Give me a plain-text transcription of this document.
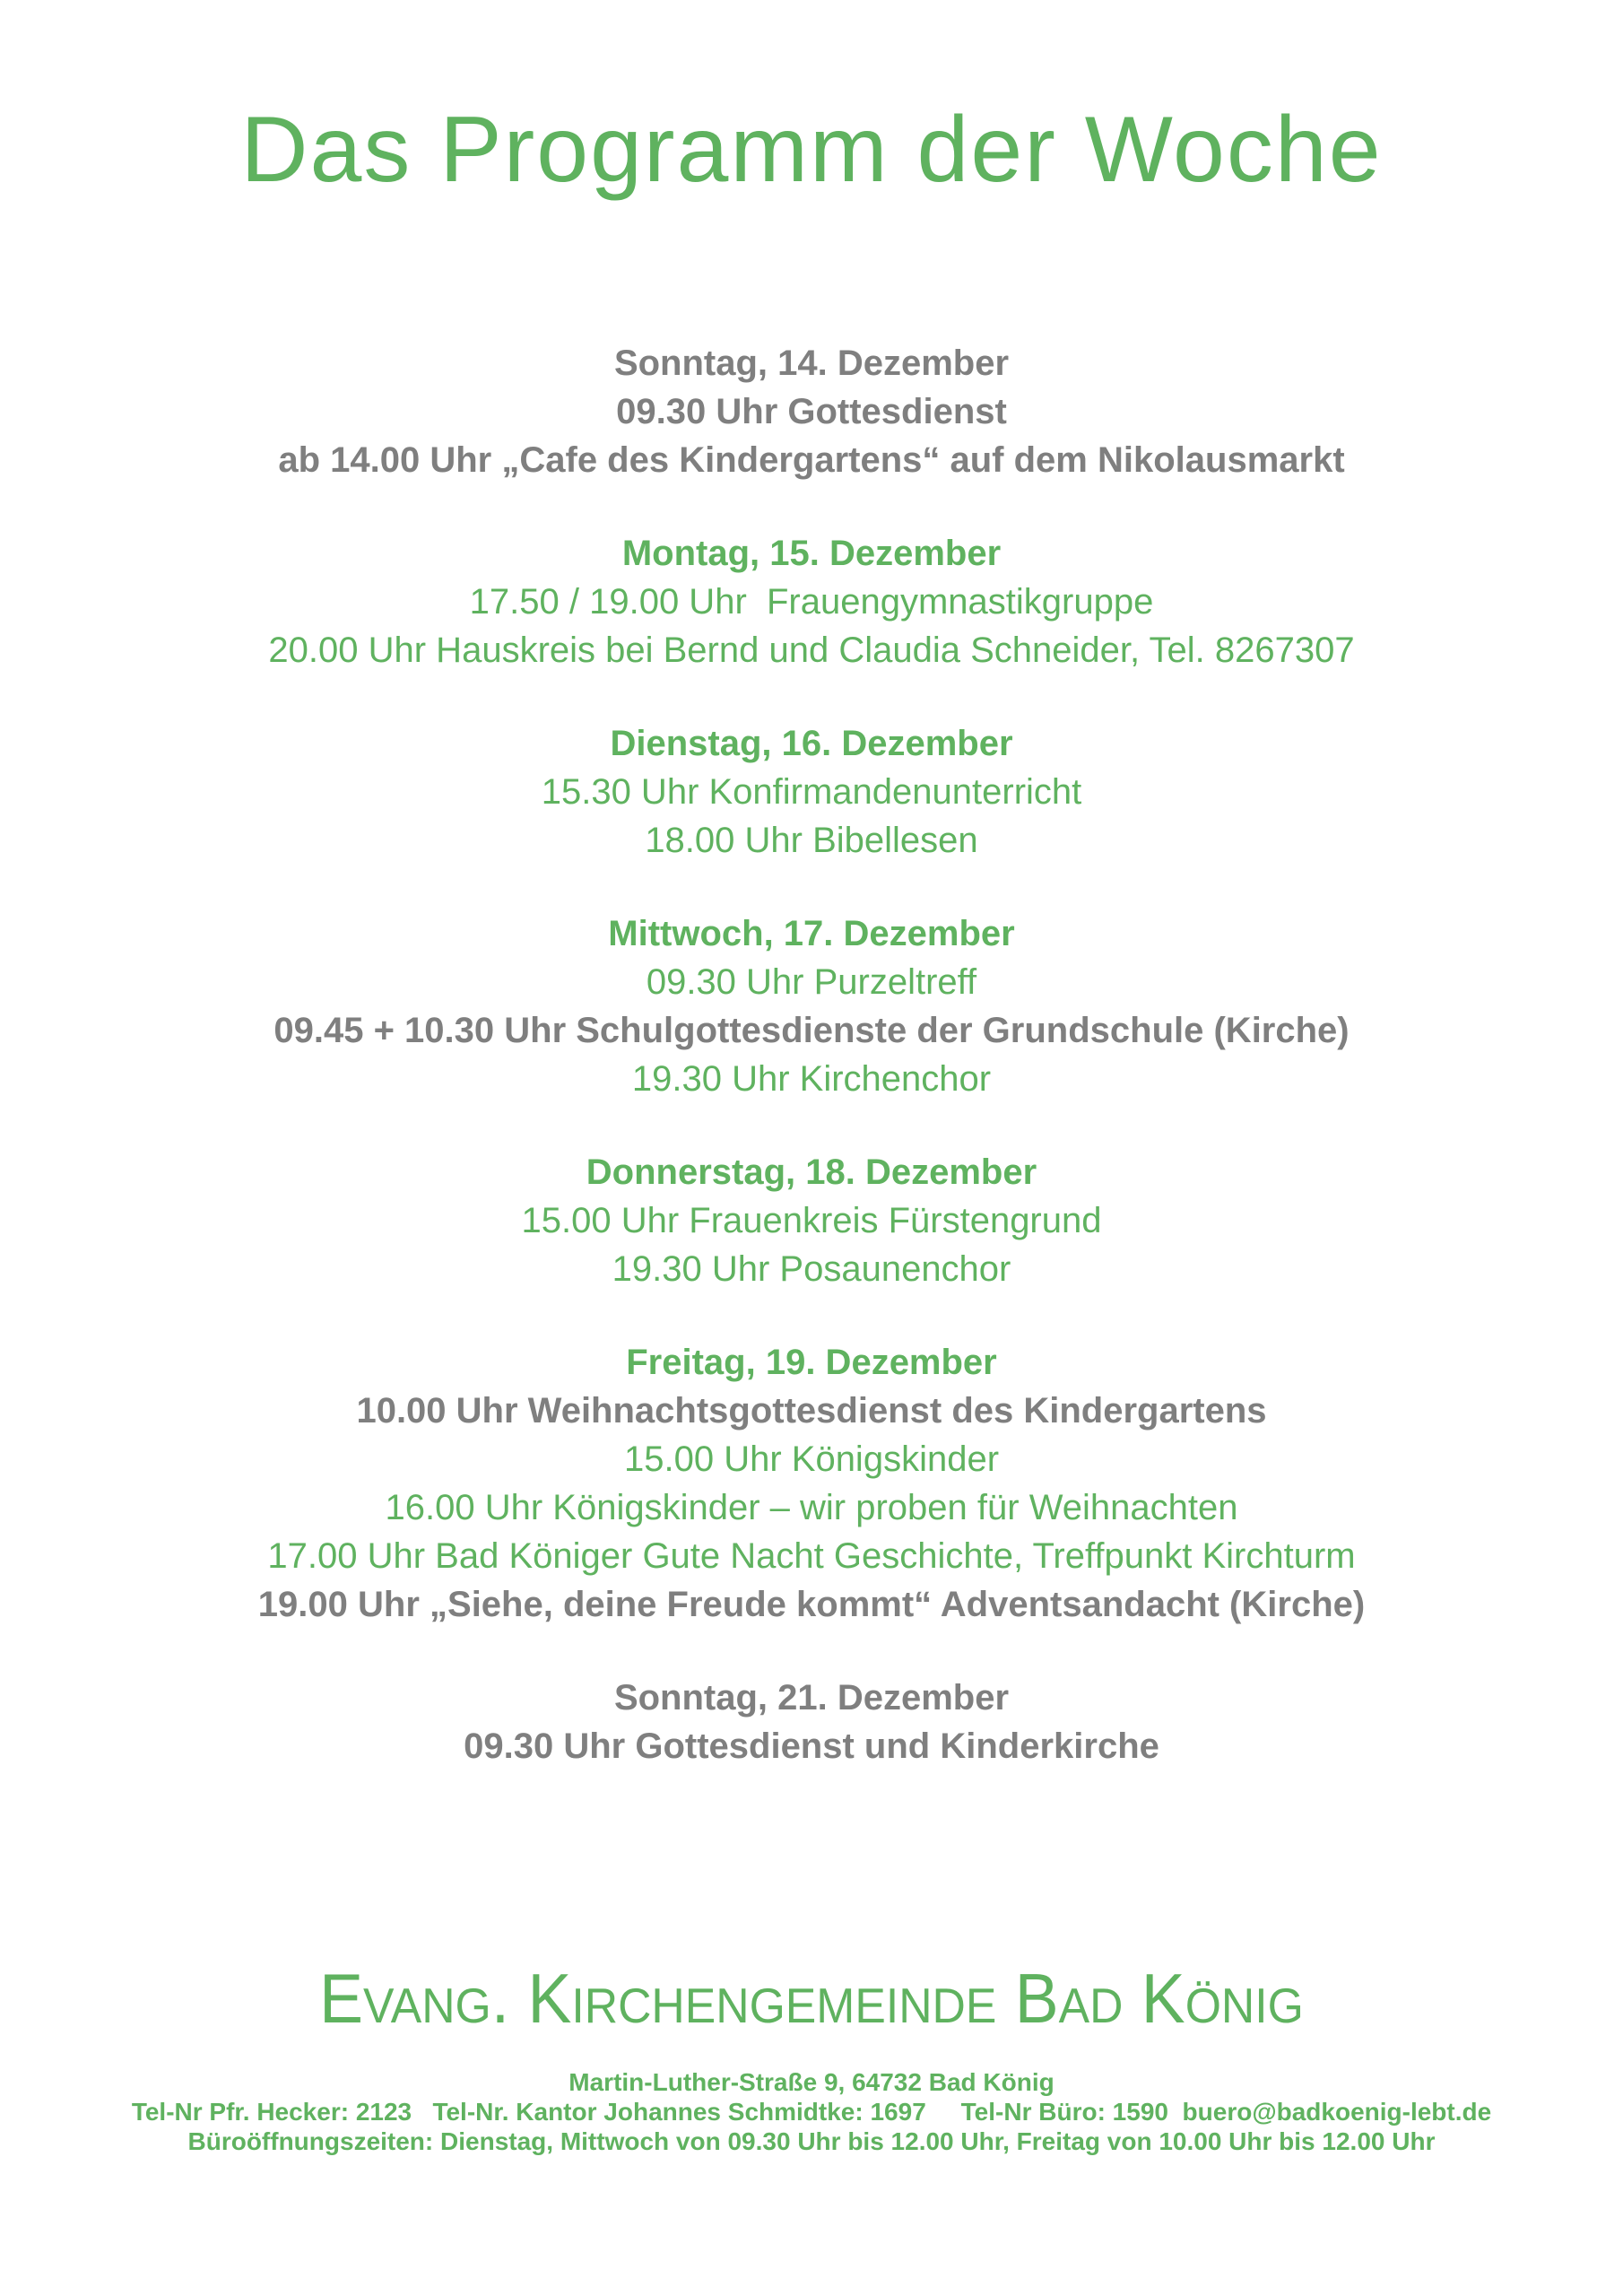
Das Programm der Woche
Sonntag, 14. Dezember
09.30 Uhr Gottesdienst
ab 14.00 Uhr „Cafe des Kindergartens“ auf dem Nikolausmarkt
Montag, 15. Dezember
17.50 / 19.00 Uhr  Frauengymnastikgruppe
20.00 Uhr Hauskreis bei Bernd und Claudia Schneider, Tel. 8267307
Dienstag, 16. Dezember
15.30 Uhr Konfirmandenunterricht
18.00 Uhr Bibellesen
Mittwoch, 17. Dezember
09.30 Uhr Purzeltreff
09.45 + 10.30 Uhr Schulgottesdienste der Grundschule (Kirche)
19.30 Uhr Kirchenchor
Donnerstag, 18. Dezember
15.00 Uhr Frauenkreis Fürstengrund
19.30 Uhr Posaunenchor
Freitag, 19. Dezember
10.00 Uhr Weihnachtsgottesdienst des Kindergartens
15.00 Uhr Königskinder
16.00 Uhr Königskinder – wir proben für Weihnachten
17.00 Uhr Bad Königer Gute Nacht Geschichte, Treffpunkt Kirchturm
19.00 Uhr „Siehe, deine Freude kommt“ Adventsandacht (Kirche)
Sonntag, 21. Dezember
09.30 Uhr Gottesdienst und Kinderkirche
Evang. Kirchengemeinde Bad König
Martin-Luther-Straße 9, 64732 Bad König
Tel-Nr Pfr. Hecker: 2123   Tel-Nr. Kantor Johannes Schmidtke: 1697     Tel-Nr Büro: 1590  buero@badkoenig-lebt.de
Büroöffnungszeiten: Dienstag, Mittwoch von 09.30 Uhr bis 12.00 Uhr, Freitag von 10.00 Uhr bis 12.00 Uhr
